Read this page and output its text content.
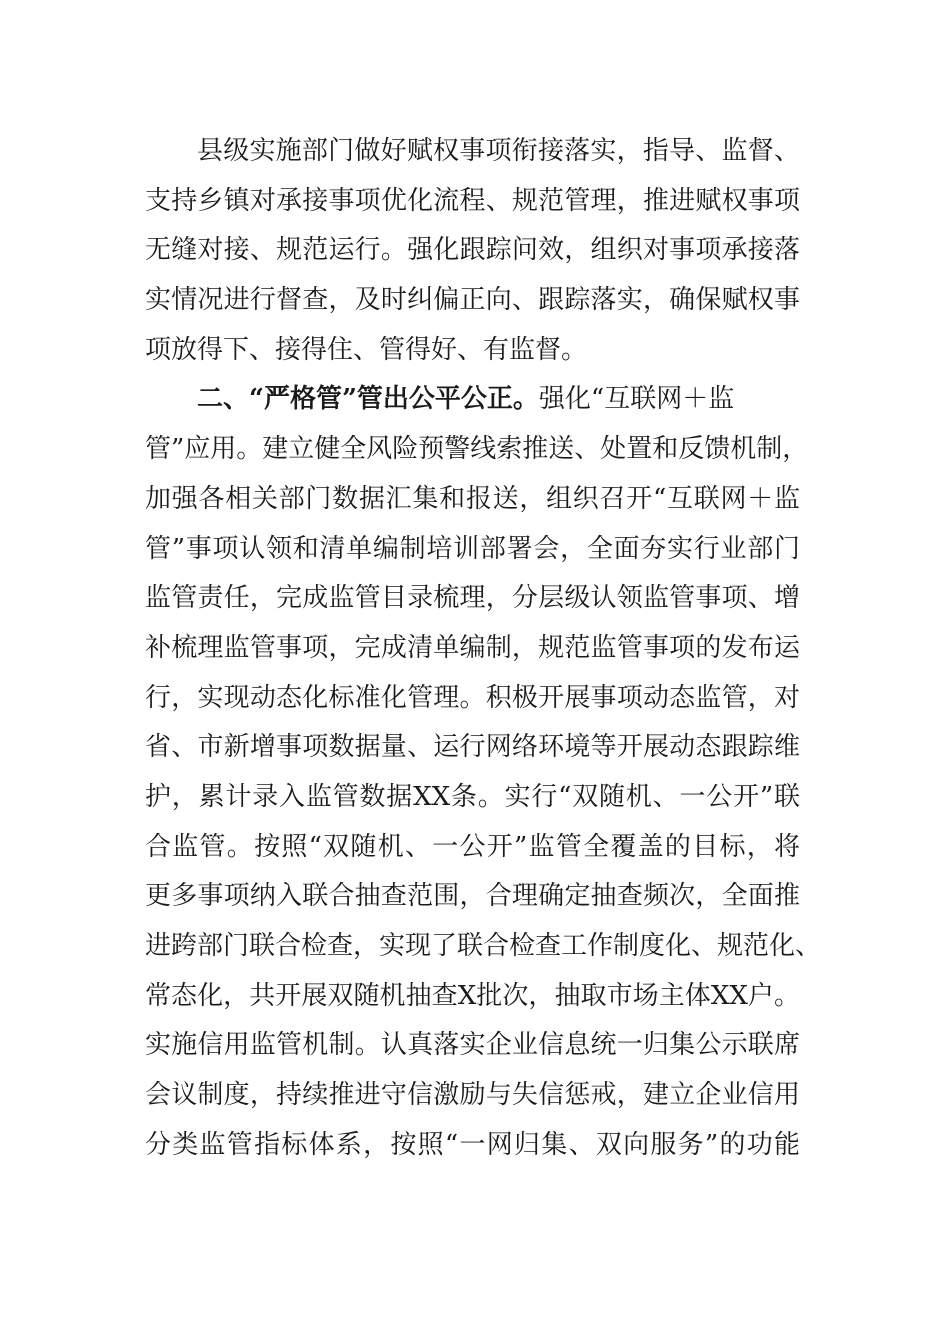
县级实施部门做好赋权事项衔接落实，指导、监督、
支持乡镇对承接事项优化流程、规范管理，推进赋权事项
无缝对接、规范运行。强化跟踪问效，组织对事项承接落
实情况进行督查，及时纠偏正向、跟踪落实，确保赋权事
项放得下、接得住、管得好、有监督。
二、“严格管”管出公平公正。强化“互联网＋监
管”应用。建立健全风险预警线索推送、处置和反馈机制，
加强各相关部门数据汇集和报送，组织召开“互联网＋监
管”事项认领和清单编制培训部署会，全面夯实行业部门
监管责任，完成监管目录梳理，分层级认领监管事项、增
补梳理监管事项，完成清单编制，规范监管事项的发布运
行，实现动态化标准化管理。积极开展事项动态监管，对
省、市新增事项数据量、运行网络环境等开展动态跟踪维
护，累计录入监管数据XX条。实行“双随机、一公开”联
合监管。按照“双随机、一公开”监管全覆盖的目标，将
更多事项纳入联合抽查范围，合理确定抽查频次，全面推
进跨部门联合检查，实现了联合检查工作制度化、规范化、
常态化，共开展双随机抽查X批次，抽取市场主体XX户。
实施信用监管机制。认真落实企业信息统一归集公示联席
会议制度，持续推进守信激励与失信惩戒，建立企业信用
分类监管指标体系，按照“一网归集、双向服务”的功能
